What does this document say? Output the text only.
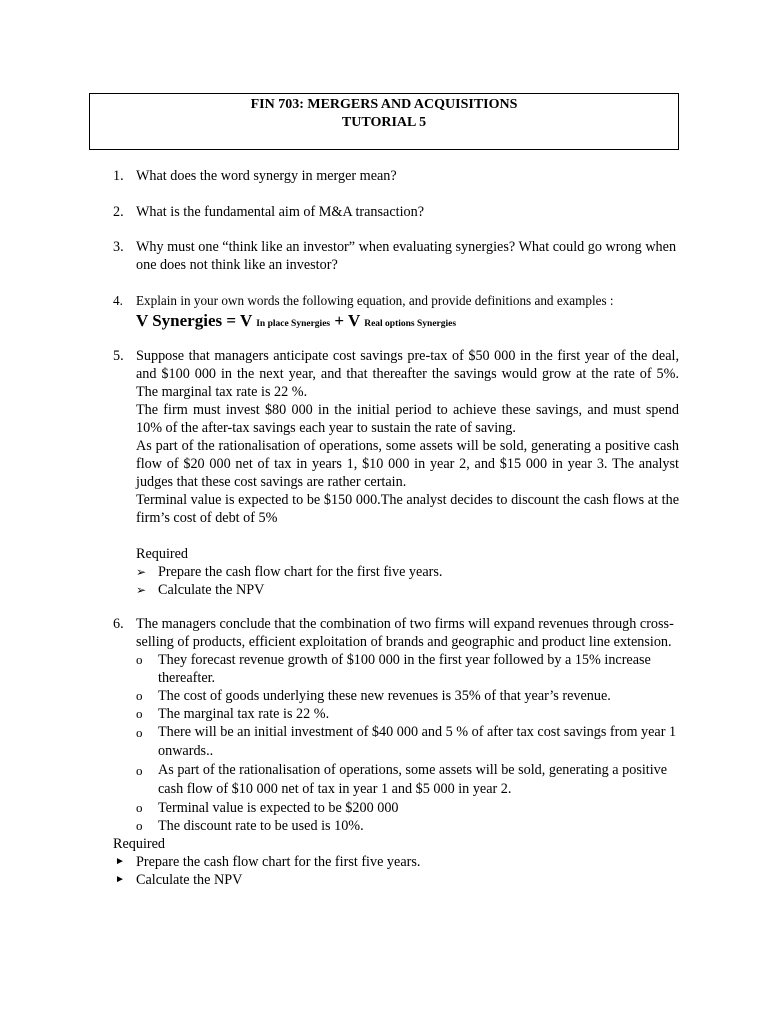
FIN 703: MERGERS AND ACQUISITIONS
TUTORIAL 5
1. What does the word synergy in merger mean?
2. What is the fundamental aim of M&A transaction?
3. Why must one “think like an investor” when evaluating synergies? What could go wrong when one does not think like an investor?
4. Explain in your own words the following equation, and provide definitions and examples :
V Synergies = V In place Synergies + V Real options Synergies
5. Suppose that managers anticipate cost savings pre-tax of $50 000 in the first year of the deal, and $100 000 in the next year, and that thereafter the savings would grow at the rate of 5%. The marginal tax rate is 22 %.
The firm must invest $80 000 in the initial period to achieve these savings, and must spend 10% of the after-tax savings each year to sustain the rate of saving.
As part of the rationalisation of operations, some assets will be sold, generating a positive cash flow of $20 000 net of tax in years 1, $10 000 in year 2, and $15 000 in year 3. The analyst judges that these cost savings are rather certain.
Terminal value is expected to be $150 000.The analyst decides to discount the cash flows at the firm’s cost of debt of 5%
Required
➢ Prepare the cash flow chart for the first five years.
➢ Calculate the NPV
6. The managers conclude that the combination of two firms will expand revenues through cross-selling of products, efficient exploitation of brands and geographic and product line extension.
o They forecast revenue growth of $100 000 in the first year followed by a 15% increase thereafter.
o The cost of goods underlying these new revenues is 35% of that year’s revenue.
o The marginal tax rate is 22 %.
o There will be an initial investment of $40 000 and 5 % of after tax cost savings from year 1 onwards..
o As part of the rationalisation of operations, some assets will be sold, generating a positive cash flow of $10 000 net of tax in year 1 and $5 000 in year 2.
o Terminal value is expected to be $200 000
o The discount rate to be used is 10%.
Required
► Prepare the cash flow chart for the first five years.
► Calculate the NPV
